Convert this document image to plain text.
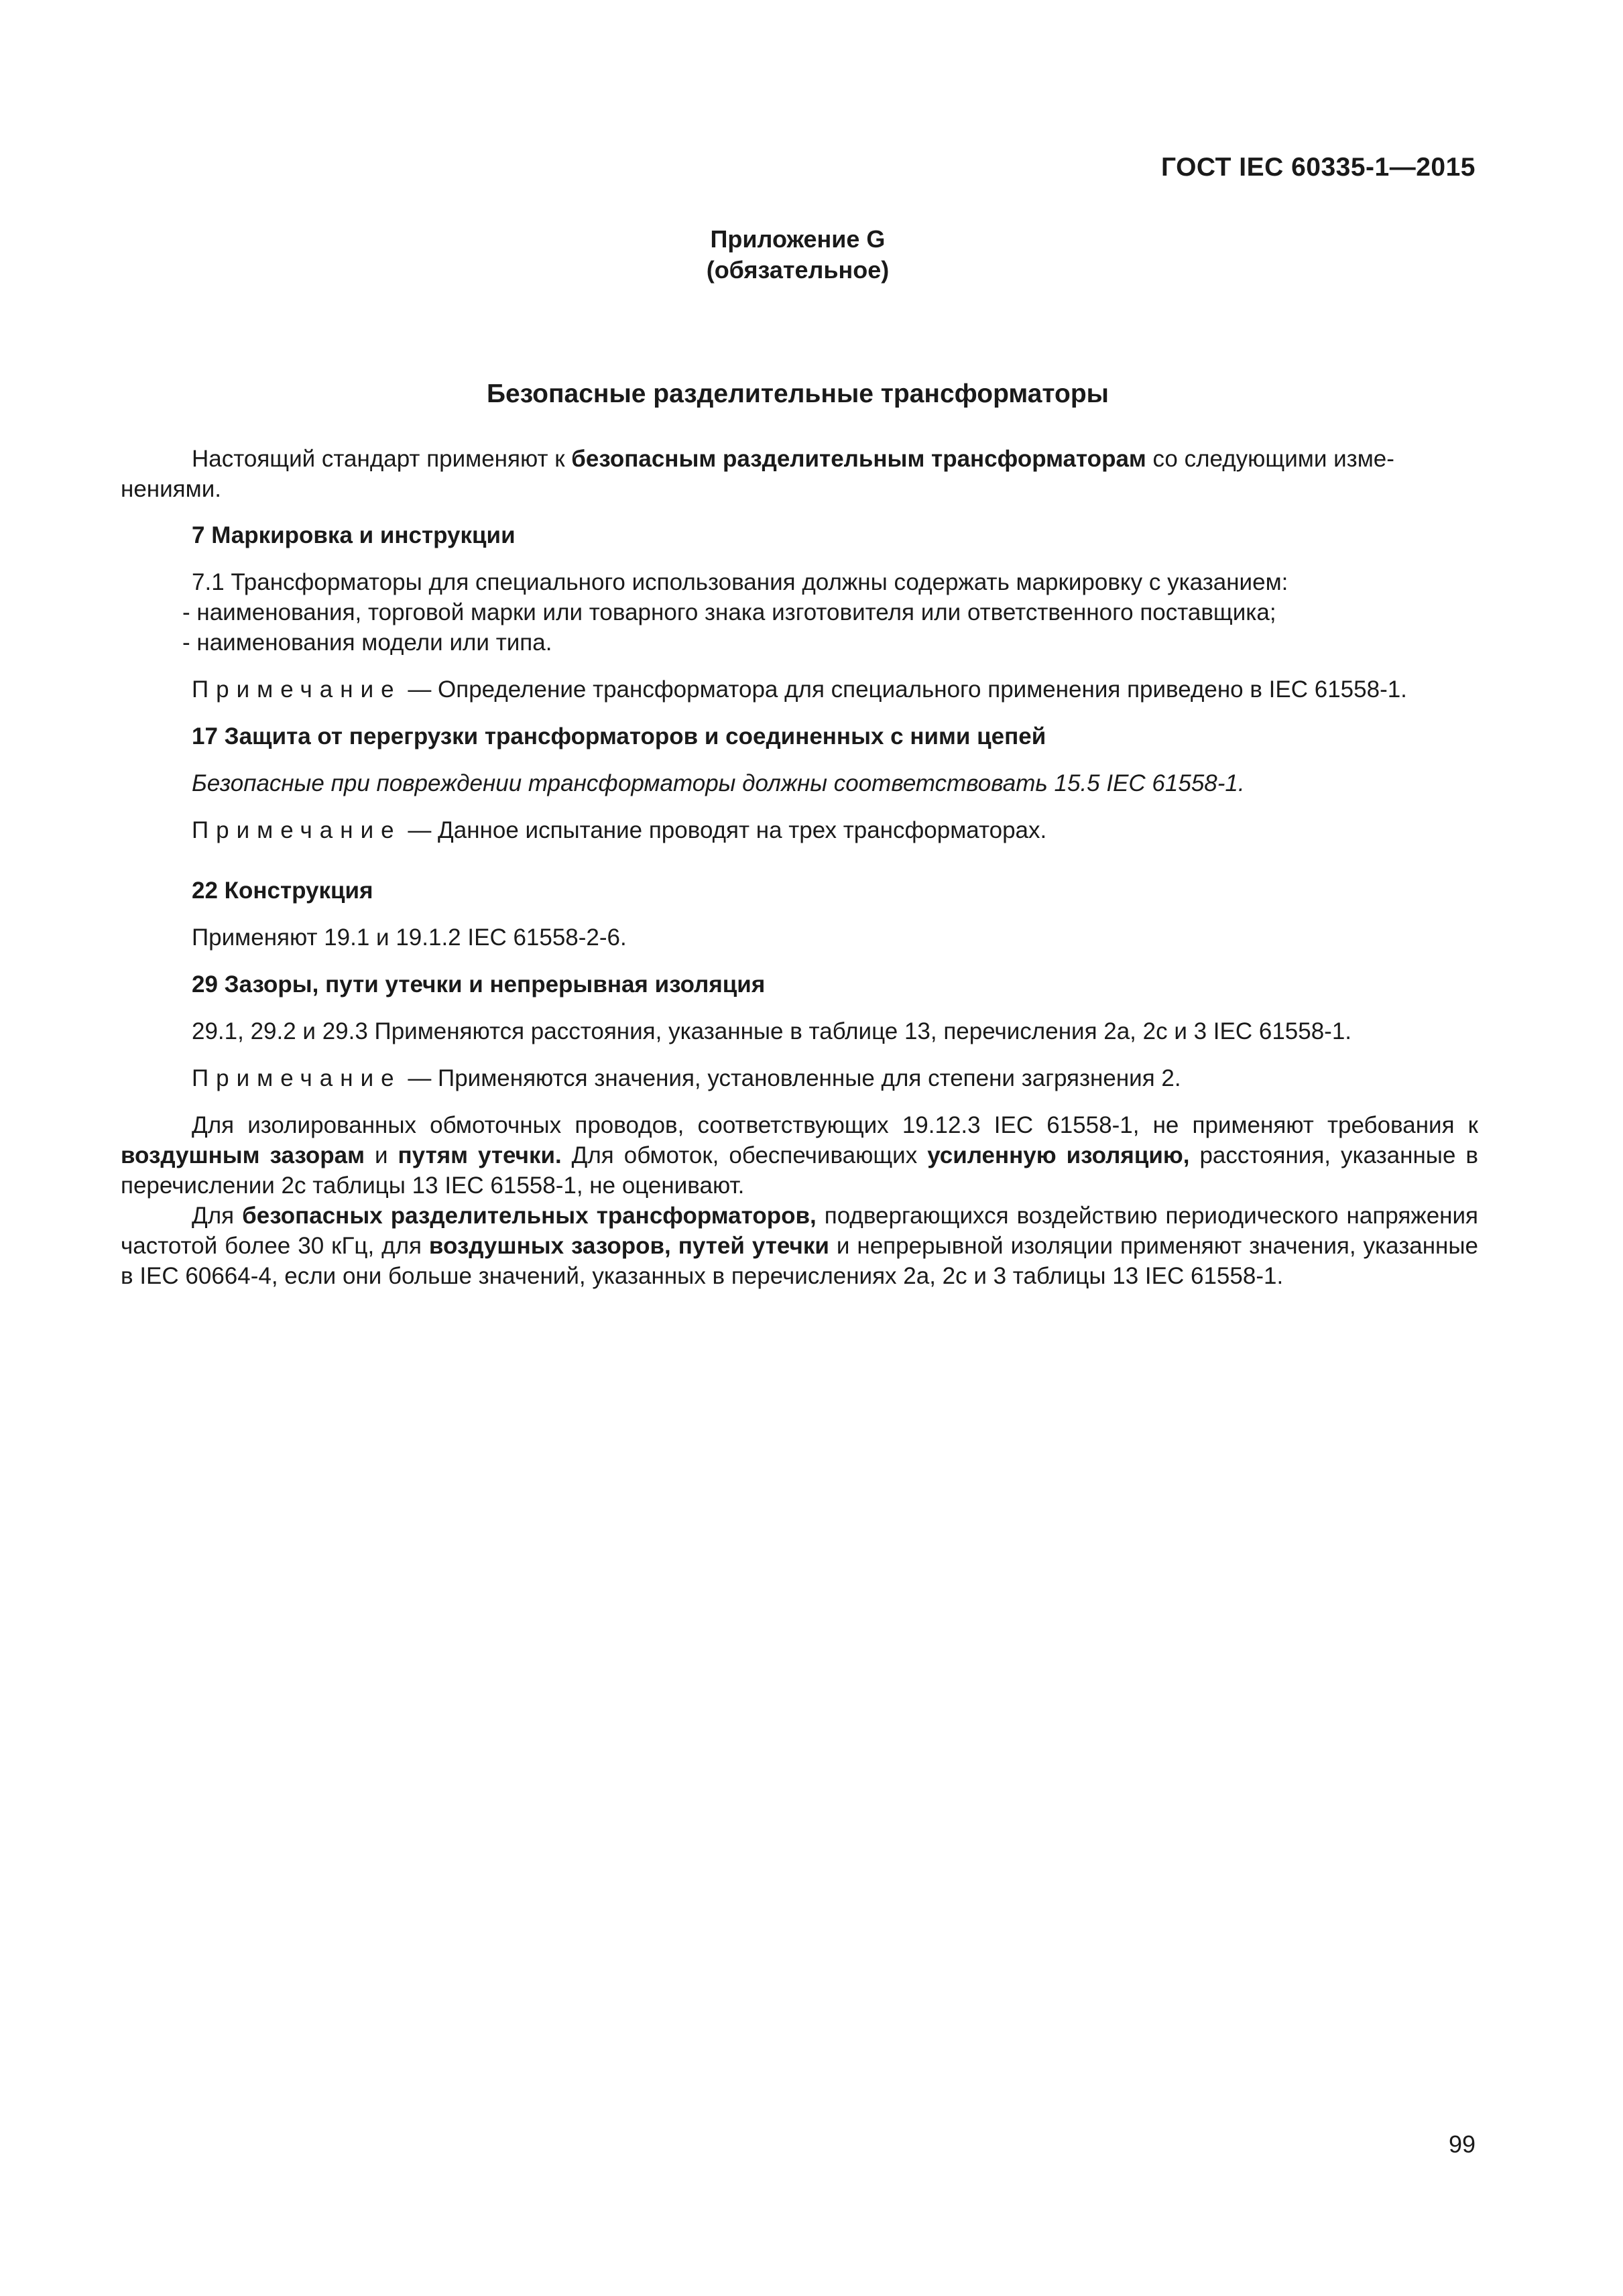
ГОСТ IEC 60335-1—2015
Приложение G
(обязательное)
Безопасные разделительные трансформаторы
Настоящий стандарт применяют к безопасным разделительным трансформаторам со следующими изме-
нениями.
7 Маркировка и инструкции
7.1 Трансформаторы для специального использования должны содержать маркировку с указанием:
- наименования, торговой марки или товарного знака изготовителя или ответственного поставщика;
- наименования модели или типа.
Примечание — Определение трансформатора для специального применения приведено в IEC 61558-1.
17 Защита от перегрузки трансформаторов и соединенных с ними цепей
Безопасные при повреждении трансформаторы должны соответствовать 15.5 IEC 61558-1.
Примечание — Данное испытание проводят на трех трансформаторах.
22 Конструкция
Применяют 19.1 и 19.1.2 IEC 61558-2-6.
29 Зазоры, пути утечки и непрерывная изоляция
29.1, 29.2 и 29.3 Применяются расстояния, указанные в таблице 13, перечисления 2а, 2с и 3 IEC 61558-1.
Примечание — Применяются значения, установленные для степени загрязнения 2.
Для изолированных обмоточных проводов, соответствующих 19.12.3 IEC 61558-1, не применяют требования к воздушным зазорам и путям утечки. Для обмоток, обеспечивающих усиленную изоляцию, расстояния, указанные в перечислении 2с таблицы 13 IEC 61558-1, не оценивают.
Для безопасных разделительных трансформаторов, подвергающихся воздействию периодического напряжения частотой более 30 кГц, для воздушных зазоров, путей утечки и непрерывной изоляции применяют значения, указанные в IEC 60664-4, если они больше значений, указанных в перечислениях 2а, 2с и 3 таблицы 13 IEC 61558-1.
99
